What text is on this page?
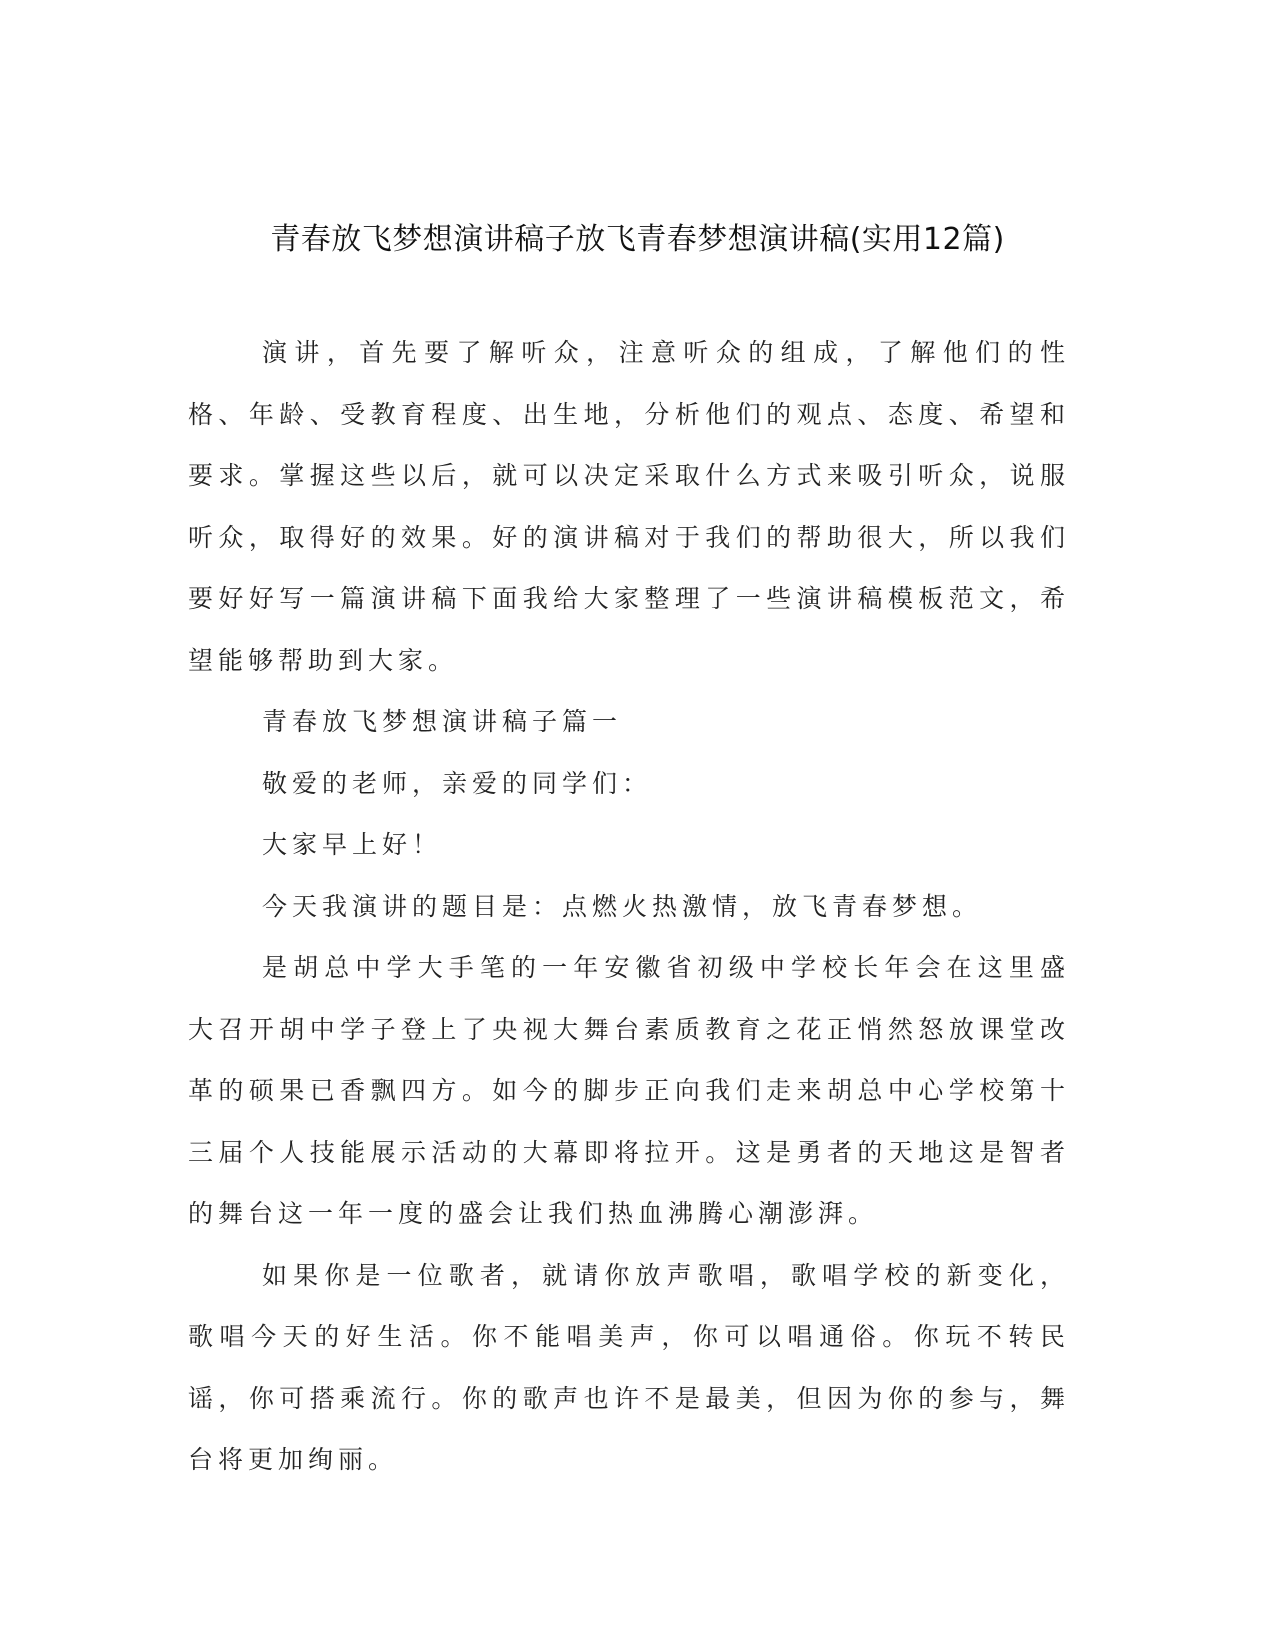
青春放飞梦想演讲稿子放飞青春梦想演讲稿(实用12篇)

演讲，首先要了解听众，注意听众的组成，了解他们的性格、年龄、受教育程度、出生地，分析他们的观点、态度、希望和要求。掌握这些以后，就可以决定采取什么方式来吸引听众，说服听众，取得好的效果。好的演讲稿对于我们的帮助很大，所以我们要好好写一篇演讲稿下面我给大家整理了一些演讲稿模板范文，希望能够帮助到大家。

青春放飞梦想演讲稿子篇一

敬爱的老师，亲爱的同学们：

大家早上好！

今天我演讲的题目是：点燃火热激情，放飞青春梦想。

是胡总中学大手笔的一年安徽省初级中学校长年会在这里盛大召开胡中学子登上了央视大舞台素质教育之花正悄然怒放课堂改革的硕果已香飘四方。如今的脚步正向我们走来胡总中心学校第十三届个人技能展示活动的大幕即将拉开。这是勇者的天地这是智者的舞台这一年一度的盛会让我们热血沸腾心潮澎湃。

如果你是一位歌者，就请你放声歌唱，歌唱学校的新变化，歌唱今天的好生活。你不能唱美声，你可以唱通俗。你玩不转民谣，你可搭乘流行。你的歌声也许不是最美，但因为你的参与，舞台将更加绚丽。
